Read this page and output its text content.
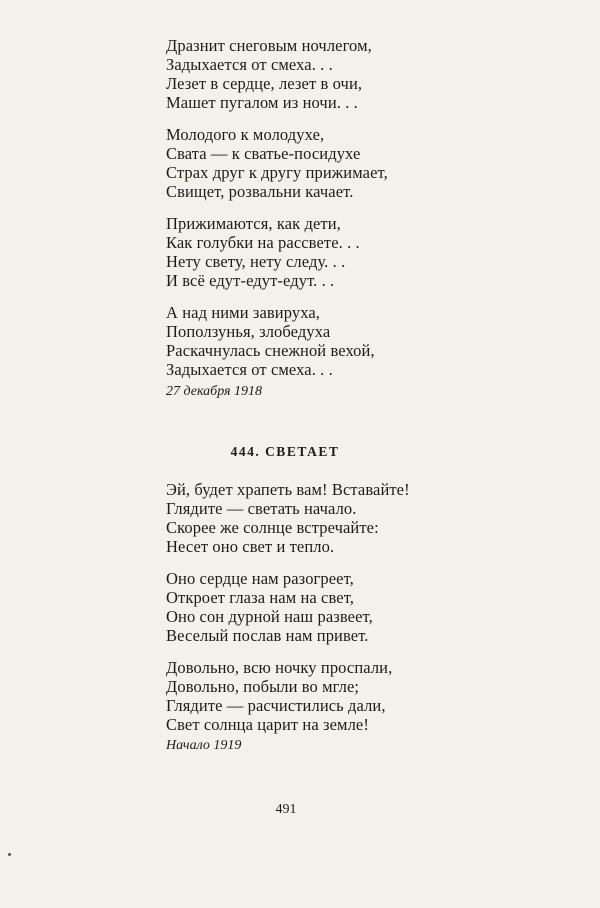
Дразнит снеговым ночлегом,
Задыхается от смеха. . .
Лезет в сердце, лезет в очи,
Машет пугалом из ночи. . .
Молодого к молодухе,
Свата — к сватье-посидухе
Страх друг к другу прижимает,
Свищет, розвальни качает.
Прижимаются, как дети,
Как голубки на рассвете. . .
Нету свету, нету следу. . .
И всё едут-едут-едут. . .
А над ними завируха,
Поползунья, злобедуха
Раскачнулась снежной вехой,
Задыхается от смеха. . .
27 декабря 1918
444. СВЕТАЕТ
Эй, будет храпеть вам! Вставайте!
Глядите — светать начало.
Скорее же солнце встречайте:
Несет оно свет и тепло.
Оно сердце нам разогреет,
Откроет глаза нам на свет,
Оно сон дурной наш развеет,
Веселый послав нам привет.
Довольно, всю ночку проспали,
Довольно, побыли во мгле;
Глядите — расчистились дали,
Свет солнца царит на земле!
Начало 1919
491
